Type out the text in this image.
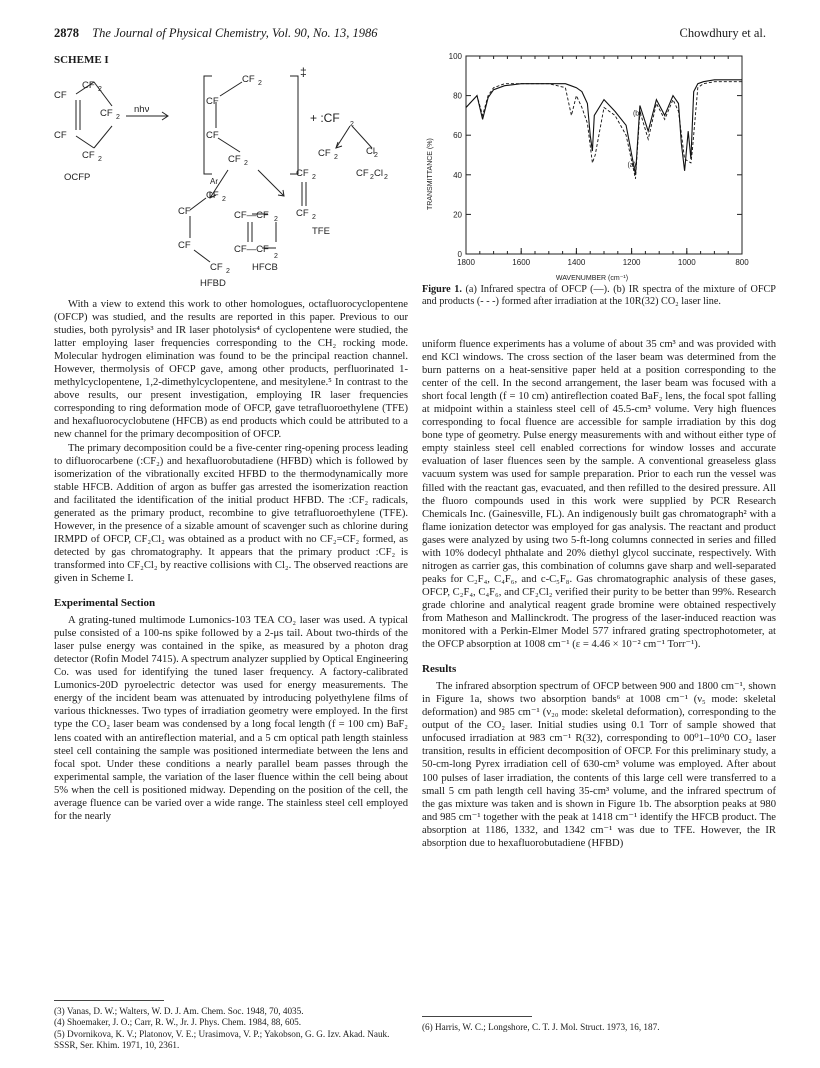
2878 The Journal of Physical Chemistry, Vol. 90, No. 13, 1986	Chowdhury et al.
SCHEME I
CF
CF 2
CF 2
CF
CF 2
OCFP
nhν
CF
CF 2
CF
CF 2
‡
+ :CF 2
CF 2
Cl 2
Ar
CF 2	CF 2 Cl 2
CF 2
TFE
CF 2
CF
CF
CF 2
CF—CF 2
CF—CF
2
HFCB
HFBD

With a view to extend this work to other homologues, octafluorocyclopentene (OFCP) was studied, and the results are reported in this paper. Previous to our studies, both pyrolysis³ and IR laser photolysis⁴ of cyclopentene were studied, the latter employing laser frequencies corresponding to the CH₂ rocking mode. Molecular hydrogen elimination was found to be the principal reaction channel. However, thermolysis of OFCP gave, among other products, perfluorinated 1-methylcyclopentene, 1,2-dimethylcyclopentene, and mesitylene.⁵ In contrast to the above results, our present investigation, employing IR laser frequencies corresponding to ring deformation mode of OFCP, gave tetrafluoroethylene (TFE) and hexafluorocyclobutene (HFCB) as end products which could be attributed to a new channel for the primary decomposition of OFCP.

The primary decomposition could be a five-center ring-opening process leading to difluorocarbene (:CF₂) and hexafluorobutadiene (HFBD) which is followed by isomerization of the vibrationally excited HFBD to the thermodynamically more stable HFCB. Addition of argon as buffer gas arrested the isomerization reaction and facilitated the identification of the initial product HFBD. The :CF₂ radicals, generated as the primary product, recombine to give tetrafluoroethylene (TFE). However, in the presence of a sizable amount of scavenger such as chlorine during IRMPD of OFCP, CF₂Cl₂ was obtained as a product with no CF₂=CF₂ formed, as detected by gas chromatography. It appears that the primary product :CF₂ is transformed into CF₂Cl₂ by reactive collisions with Cl₂. The observed reactions are given in Scheme I.

Experimental Section

A grating-tuned multimode Lumonics-103 TEA CO₂ laser was used. A typical pulse consisted of a 100-ns spike followed by a 2-μs tail. About two-thirds of the laser pulse energy was contained in the spike, as measured by a photon drag detector (Rofin Model 7415). A spectrum analyzer supplied by Optical Engineering Co. was used for identifying the tuned laser frequency. A factory-calibrated Lumonics-20D pyroelectric detector was used for energy measurements. The energy of the incident beam was attenuated by introducing polyethylene films of various thicknesses. Two types of irradiation geometry were employed. In the first type the CO₂ laser beam was condensed by a long focal length (f = 100 cm) BaF₂ lens coated with an antireflection material, and a 5 cm optical path length stainless steel cell containing the sample was positioned intermediate between the lens and focal spot. Under these conditions a nearly parallel beam passes through the experimental sample, the variation of the laser fluence within the cell being about 5% when the cell is positioned midway. Depending on the position of the cell, the average fluence can be varied over a wide range. The stainless steel cell employed for the nearly

(3) Vanas, D. W.; Walters, W. D. J. Am. Chem. Soc. 1948, 70, 4035.
(4) Shoemaker, J. O.; Carr, R. W., Jr. J. Phys. Chem. 1984, 88, 605.
(5) Dvornikova, K. V.; Platonov, V. E.; Urasimova, V. P.; Yakobson, G. G. Izv. Akad. Nauk. SSSR, Ser. Khim. 1971, 10, 2361.
TRANSMITTANCE (%)
WAVENUMBER (cm⁻¹)
0
20
40
60
80
100
1800	1600	1400	1200	1000	800
(b)
(a)
Figure 1. (a) Infrared spectra of OFCP (—). (b) IR spectra of the mixture of OFCP and products (- - -) formed after irradiation at the 10R(32) CO₂ laser line.

uniform fluence experiments has a volume of about 35 cm³ and was provided with end KCl windows. The cross section of the laser beam was determined from the burn patterns on a heat-sensitive paper held at a position corresponding to the center of the cell. In the second arrangement, the laser beam was focused with a short focal length (f = 10 cm) antireflection coated BaF₂ lens, the focal spot falling at midpoint within a stainless steel cell of 45.5-cm³ volume. Very high fluences corresponding to focal fluence are accessible for sample irradiation by this dog bone type of geometry. Pulse energy measurements with and without either type of empty stainless steel cell enabled corrections for window losses and accurate evaluation of laser fluences seen by the sample. A conventional greaseless glass vacuum system was used for sample preparation. Prior to each run the vessel was filled with the reactant gas, evacuated, and then refilled to the desired pressure. All the fluoro compounds used in this work were supplied by PCR Research Chemicals Inc. (Gainesville, FL). An indigenously built gas chromatograph² with a flame ionization detector was employed for gas analysis. The reactant and product gases were analyzed by using two 5-ft-long columns connected in series and filled with 10% dodecyl phthalate and 20% diethyl glycol succinate, respectively. With nitrogen as carrier gas, this combination of columns gave sharp and well-separated peaks for C₂F₄, C₄F₆, and c-C₅F₈. Gas chromatographic analysis of these gases, OFCP, C₂F₄, C₄F₆, and CF₂Cl₂ verified their purity to be better than 99%. Research grade chlorine and analytical reagent grade bromine were obtained respectively from Matheson and Mallinckrodt. The progress of the laser-induced reaction was monitored with a Perkin-Elmer Model 577 infrared grating spectrophotometer, at the OFCP absorption at 1008 cm⁻¹ (ε = 4.46 × 10⁻² cm⁻¹ Torr⁻¹).

Results

The infrared absorption spectrum of OFCP between 900 and 1800 cm⁻¹, shown in Figure 1a, shows two absorption bands⁶ at 1008 cm⁻¹ (ν₅ mode: skeletal deformation) and 985 cm⁻¹ (ν₂₀ mode: skeletal deformation), corresponding to the output of the CO₂ laser. Initial studies using 0.1 Torr of sample showed that unfocused irradiation at 983 cm⁻¹ R(32), corresponding to 00⁰1–10⁰0 CO₂ laser transition, results in efficient decomposition of OFCP. For this preliminary study, a 50-cm-long Pyrex irradiation cell of 630-cm³ volume was employed. After about 100 pulses of laser irradiation, the contents of this large cell were transferred to a small 5 cm path length cell having 35-cm³ volume, and the infrared spectrum of the gas mixture was taken and is shown in Figure 1b. The absorption peaks at 980 and 985 cm⁻¹ together with the peak at 1418 cm⁻¹ identify the HFCB product. The absorption at 1186, 1332, and 1342 cm⁻¹ was due to TFE. However, the IR absorption due to hexafluorobutadiene (HFBD)

(6) Harris, W. C.; Longshore, C. T. J. Mol. Struct. 1973, 16, 187.
